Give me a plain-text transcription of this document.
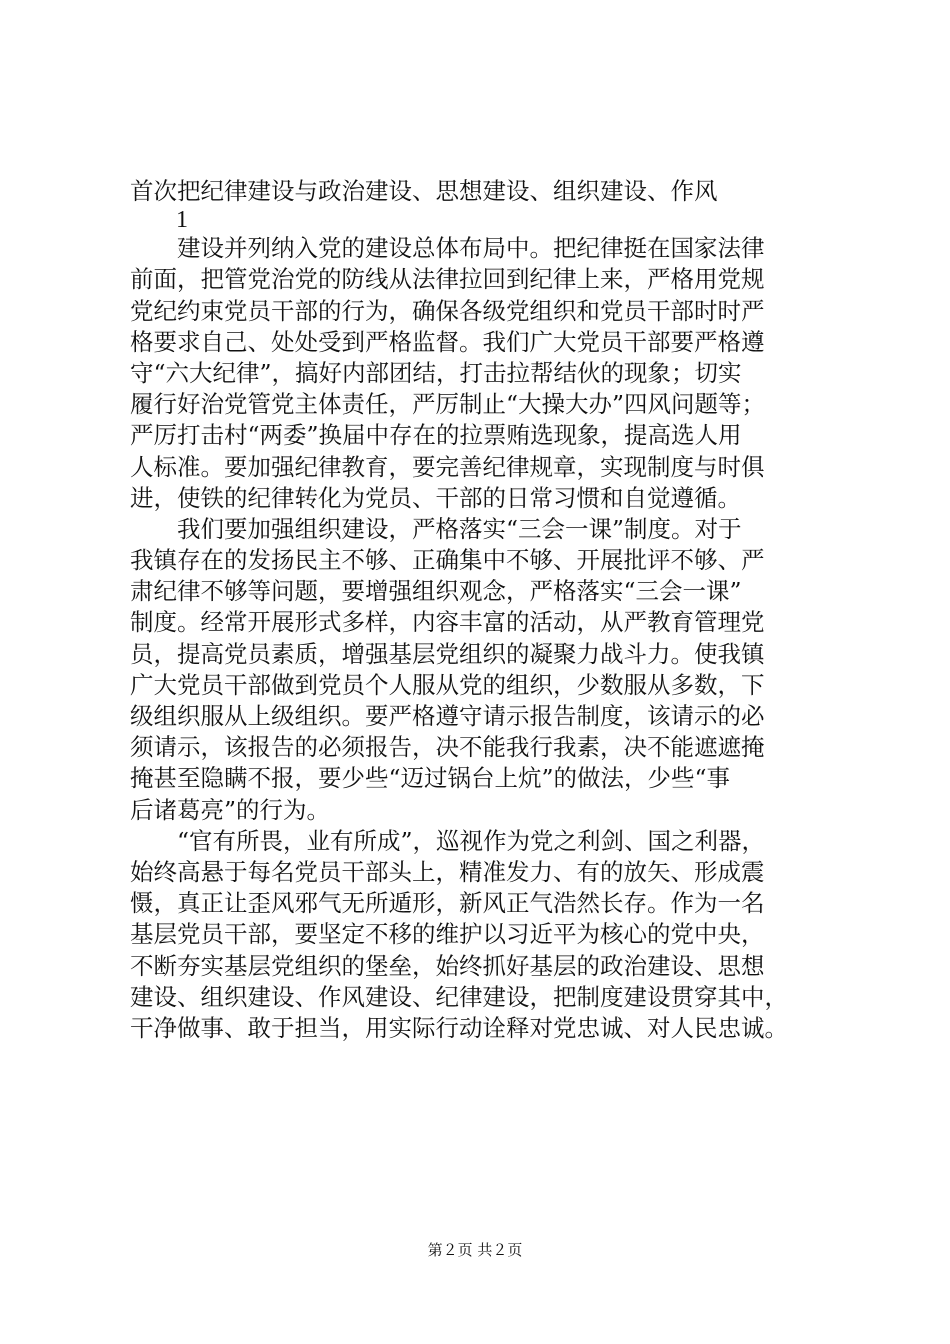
首次把纪律建设与政治建设、思想建设、组织建设、作风
1
建设并列纳入党的建设总体布局中。把纪律挺在国家法律
前面，把管党治党的防线从法律拉回到纪律上来，严格用党规
党纪约束党员干部的行为，确保各级党组织和党员干部时时严
格要求自己、处处受到严格监督。我们广大党员干部要严格遵
守“六大纪律”，搞好内部团结，打击拉帮结伙的现象；切实
履行好治党管党主体责任，严厉制止“大操大办”四风问题等；
严厉打击村“两委”换届中存在的拉票贿选现象，提高选人用
人标准。要加强纪律教育，要完善纪律规章，实现制度与时俱
进，使铁的纪律转化为党员、干部的日常习惯和自觉遵循。
我们要加强组织建设，严格落实“三会一课”制度。对于
我镇存在的发扬民主不够、正确集中不够、开展批评不够、严
肃纪律不够等问题，要增强组织观念，严格落实“三会一课”
制度。经常开展形式多样，内容丰富的活动，从严教育管理党
员，提高党员素质，增强基层党组织的凝聚力战斗力。使我镇
广大党员干部做到党员个人服从党的组织，少数服从多数，下
级组织服从上级组织。要严格遵守请示报告制度，该请示的必
须请示，该报告的必须报告，决不能我行我素，决不能遮遮掩
掩甚至隐瞒不报，要少些“迈过锅台上炕”的做法，少些“事
后诸葛亮”的行为。
“官有所畏，业有所成”，巡视作为党之利剑、国之利器，
始终高悬于每名党员干部头上，精准发力、有的放矢、形成震
慑，真正让歪风邪气无所遁形，新风正气浩然长存。作为一名
基层党员干部，要坚定不移的维护以习近平为核心的党中央，
不断夯实基层党组织的堡垒，始终抓好基层的政治建设、思想
建设、组织建设、作风建设、纪律建设，把制度建设贯穿其中，
干净做事、敢于担当，用实际行动诠释对党忠诚、对人民忠诚。
第２页 共２页
